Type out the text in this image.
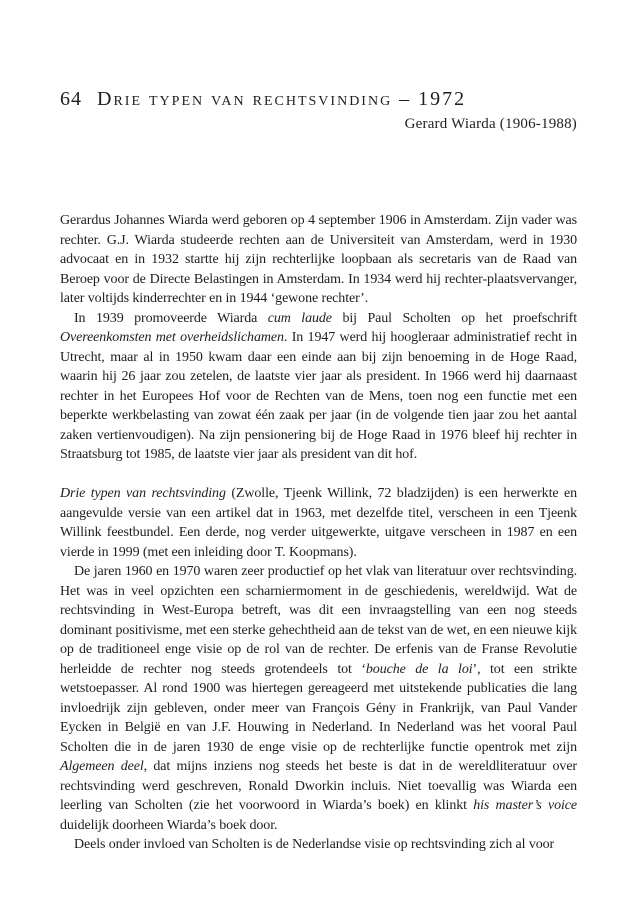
64 Drie typen van rechtsvinding – 1972
Gerard Wiarda (1906-1988)

Gerardus Johannes Wiarda werd geboren op 4 september 1906 in Amsterdam. Zijn vader was rechter. G.J. Wiarda studeerde rechten aan de Universiteit van Amsterdam, werd in 1930 advocaat en in 1932 startte hij zijn rechterlijke loopbaan als secretaris van de Raad van Beroep voor de Directe Belastingen in Amsterdam. In 1934 werd hij rechter-plaatsvervanger, later voltijds kinderrechter en in 1944 ‘gewone rechter’.

In 1939 promoveerde Wiarda cum laude bij Paul Scholten op het proefschrift Overeenkomsten met overheidslichamen. In 1947 werd hij hoogleraar administratief recht in Utrecht, maar al in 1950 kwam daar een einde aan bij zijn benoeming in de Hoge Raad, waarin hij 26 jaar zou zetelen, de laatste vier jaar als president. In 1966 werd hij daarnaast rechter in het Europees Hof voor de Rechten van de Mens, toen nog een functie met een beperkte werkbelasting van zowat één zaak per jaar (in de volgende tien jaar zou het aantal zaken vertienvoudigen). Na zijn pensionering bij de Hoge Raad in 1976 bleef hij rechter in Straatsburg tot 1985, de laatste vier jaar als president van dit hof.

Drie typen van rechtsvinding (Zwolle, Tjeenk Willink, 72 bladzijden) is een herwerkte en aangevulde versie van een artikel dat in 1963, met dezelfde titel, verscheen in een Tjeenk Willink feestbundel. Een derde, nog verder uitgewerkte, uitgave verscheen in 1987 en een vierde in 1999 (met een inleiding door T. Koopmans).

De jaren 1960 en 1970 waren zeer productief op het vlak van literatuur over rechtsvinding. Het was in veel opzichten een scharniermoment in de geschiedenis, wereldwijd. Wat de rechtsvinding in West-Europa betreft, was dit een invraagstelling van een nog steeds dominant positivisme, met een sterke gehechtheid aan de tekst van de wet, en een nieuwe kijk op de traditioneel enge visie op de rol van de rechter. De erfenis van de Franse Revolutie herleidde de rechter nog steeds grotendeels tot ‘bouche de la loi’, tot een strikte wetstoepasser. Al rond 1900 was hiertegen gereageerd met uitstekende publicaties die lang invloedrijk zijn gebleven, onder meer van François Gény in Frankrijk, van Paul Vander Eycken in België en van J.F. Houwing in Nederland. In Nederland was het vooral Paul Scholten die in de jaren 1930 de enge visie op de rechterlijke functie opentrok met zijn Algemeen deel, dat mijns inziens nog steeds het beste is dat in de wereldliteratuur over rechtsvinding werd geschreven, Ronald Dworkin incluis. Niet toevallig was Wiarda een leerling van Scholten (zie het voorwoord in Wiarda’s boek) en klinkt his master’s voice duidelijk doorheen Wiarda’s boek door.

Deels onder invloed van Scholten is de Nederlandse visie op rechtsvinding zich al voor
